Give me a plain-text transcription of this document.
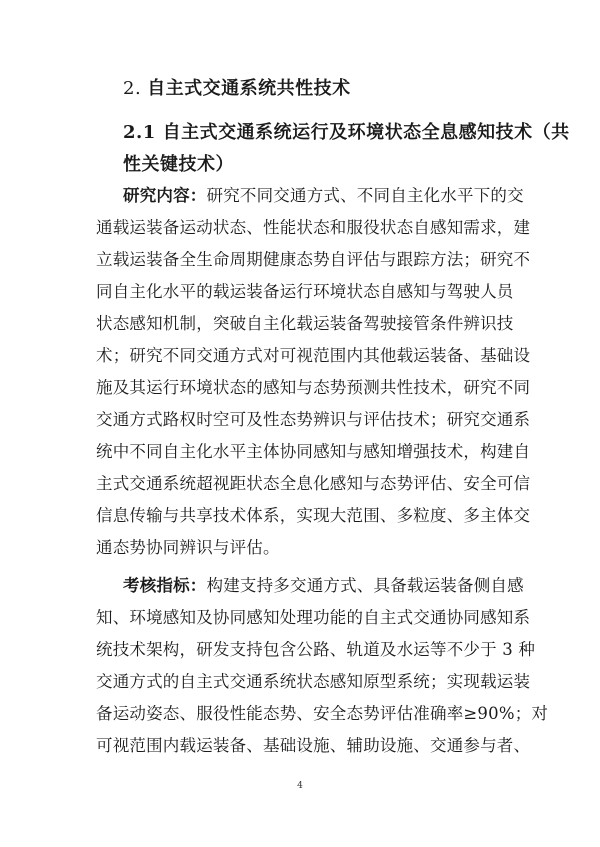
2. 自主式交通系统共性技术
2.1 自主式交通系统运行及环境状态全息感知技术（共
性关键技术）
研究内容：研究不同交通方式、不同自主化水平下的交
通载运装备运动状态、性能状态和服役状态自感知需求，建
立载运装备全生命周期健康态势自评估与跟踪方法；研究不
同自主化水平的载运装备运行环境状态自感知与驾驶人员
状态感知机制，突破自主化载运装备驾驶接管条件辨识技
术；研究不同交通方式对可视范围内其他载运装备、基础设
施及其运行环境状态的感知与态势预测共性技术，研究不同
交通方式路权时空可及性态势辨识与评估技术；研究交通系
统中不同自主化水平主体协同感知与感知增强技术，构建自
主式交通系统超视距状态全息化感知与态势评估、安全可信
信息传输与共享技术体系，实现大范围、多粒度、多主体交
通态势协同辨识与评估。
考核指标：构建支持多交通方式、具备载运装备侧自感
知、环境感知及协同感知处理功能的自主式交通协同感知系
统技术架构，研发支持包含公路、轨道及水运等不少于 3 种
交通方式的自主式交通系统状态感知原型系统；实现载运装
备运动姿态、服役性能态势、安全态势评估准确率≥90%；对
可视范围内载运装备、基础设施、辅助设施、交通参与者、
4
